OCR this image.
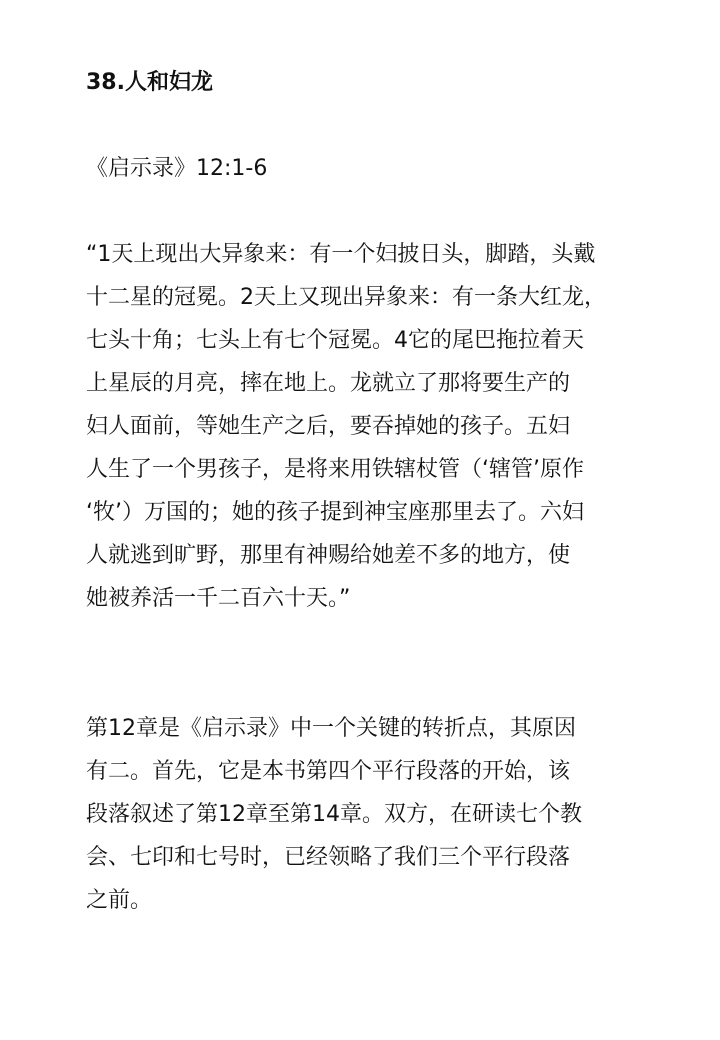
38.人和妇龙
《启示录》12:1-6
“1天上现出大异象来：有一个妇披日头，脚踏，头戴
十二星的冠冕。2天上又现出异象来：有一条大红龙，
七头十角；七头上有七个冠冕。4它的尾巴拖拉着天
上星辰的月亮，摔在地上。龙就立了那将要生产的
妇人面前，等她生产之后，要吞掉她的孩子。五妇
人生了一个男孩子，是将来用铁辖杖管（‘辖管’原作
‘牧’）万国的；她的孩子提到神宝座那里去了。六妇
人就逃到旷野，那里有神赐给她差不多的地方，使
她被养活一千二百六十天。”
第12章是《启示录》中一个关键的转折点，其原因
有二。首先，它是本书第四个平行段落的开始，该
段落叙述了第12章至第14章。双方，在研读七个教
会、七印和七号时，已经领略了我们三个平行段落
之前。
